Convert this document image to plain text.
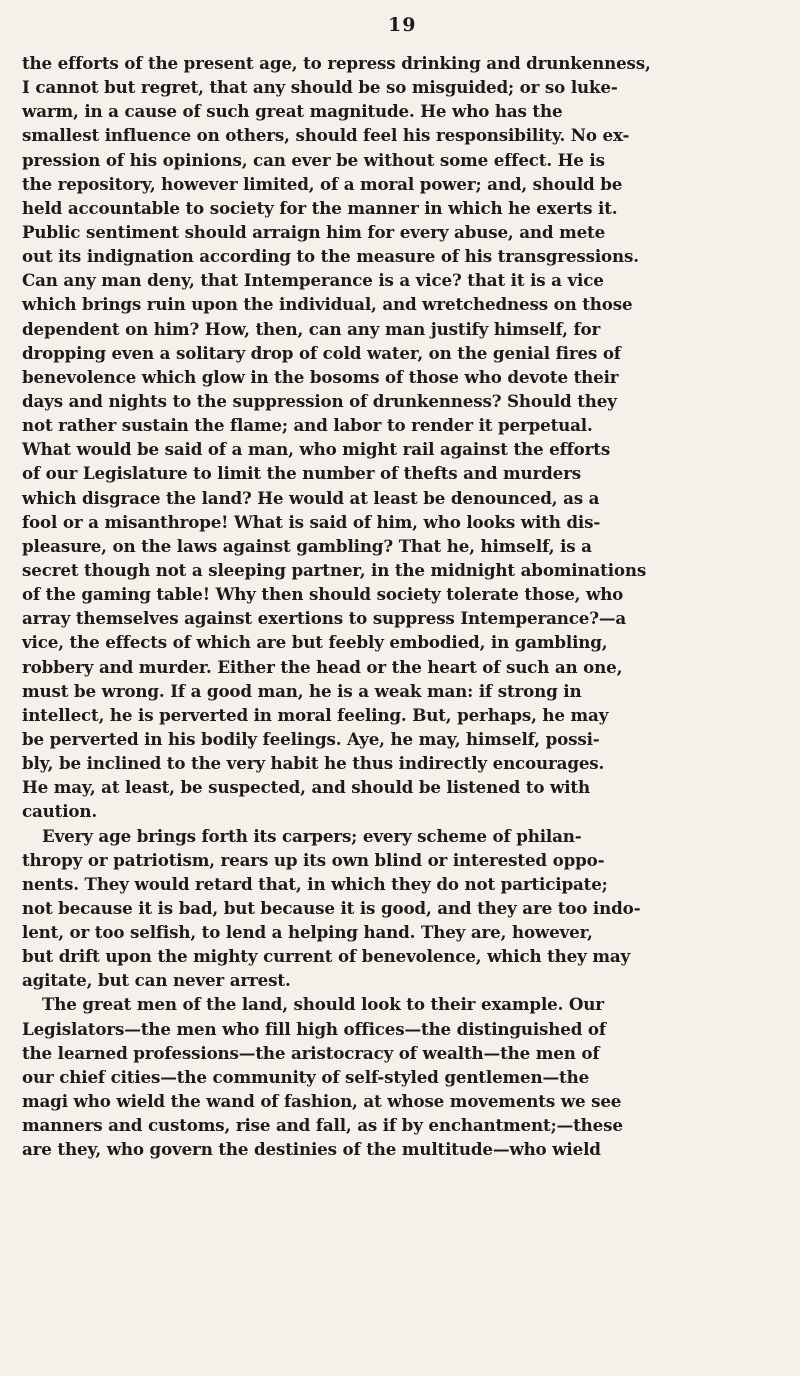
19
the efforts of the present age, to repress drinking and drunkenness,
I cannot but regret, that any should be so misguided; or so luke-
warm, in a cause of such great magnitude. He who has the
smallest influence on others, should feel his responsibility. No ex-
pression of his opinions, can ever be without some effect. He is
the repository, however limited, of a moral power; and, should be
held accountable to society for the manner in which he exerts it.
Public sentiment should arraign him for every abuse, and mete
out its indignation according to the measure of his transgressions.
Can any man deny, that Intemperance is a vice? that it is a vice
which brings ruin upon the individual, and wretchedness on those
dependent on him? How, then, can any man justify himself, for
dropping even a solitary drop of cold water, on the genial fires of
benevolence which glow in the bosoms of those who devote their
days and nights to the suppression of drunkenness? Should they
not rather sustain the flame; and labor to render it perpetual.
What would be said of a man, who might rail against the efforts
of our Legislature to limit the number of thefts and murders
which disgrace the land? He would at least be denounced, as a
fool or a misanthrope! What is said of him, who looks with dis-
pleasure, on the laws against gambling? That he, himself, is a
secret though not a sleeping partner, in the midnight abominations
of the gaming table! Why then should society tolerate those, who
array themselves against exertions to suppress Intemperance?—a
vice, the effects of which are but feebly embodied, in gambling,
robbery and murder. Either the head or the heart of such an one,
must be wrong. If a good man, he is a weak man: if strong in
intellect, he is perverted in moral feeling. But, perhaps, he may
be perverted in his bodily feelings. Aye, he may, himself, possi-
bly, be inclined to the very habit he thus indirectly encourages.
He may, at least, be suspected, and should be listened to with
caution.
Every age brings forth its carpers; every scheme of philan-
thropy or patriotism, rears up its own blind or interested oppo-
nents. They would retard that, in which they do not participate;
not because it is bad, but because it is good, and they are too indo-
lent, or too selfish, to lend a helping hand. They are, however,
but drift upon the mighty current of benevolence, which they may
agitate, but can never arrest.
The great men of the land, should look to their example. Our
Legislators—the men who fill high offices—the distinguished of
the learned professions—the aristocracy of wealth—the men of
our chief cities—the community of self-styled gentlemen—the
magi who wield the wand of fashion, at whose movements we see
manners and customs, rise and fall, as if by enchantment;—these
are they, who govern the destinies of the multitude—who wield
